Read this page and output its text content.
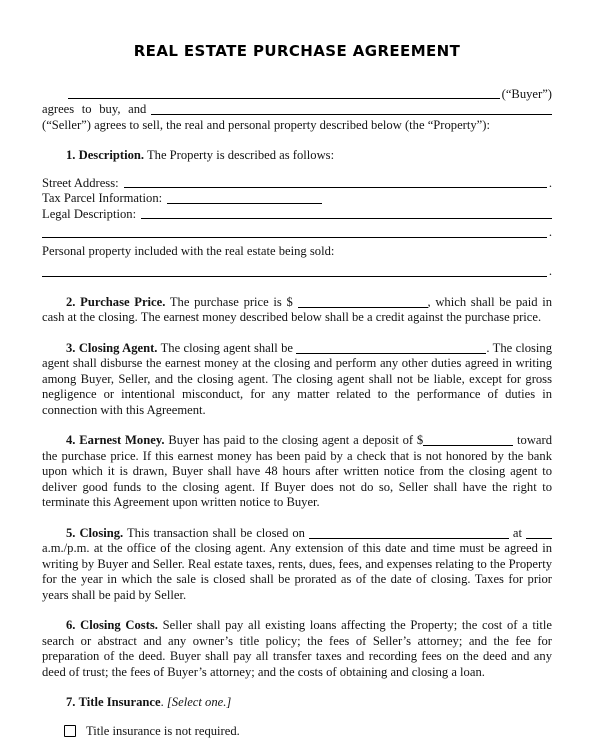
REAL ESTATE PURCHASE AGREEMENT
(“Buyer”)
agrees to buy, and

(“Seller”) agrees to sell, the real and personal property described below (the “Property”):

1. Description. The Property is described as follows:

Street Address:	.
Tax Parcel Information:
Legal Description:
.

Personal property included with the real estate being sold:

.

2. Purchase Price. The purchase price is $	, which shall be paid in cash at the closing. The earnest money described below shall be a credit against the purchase price.

3. Closing Agent. The closing agent shall be	. The closing agent shall disburse the earnest money at the closing and perform any other duties agreed in writing among Buyer, Seller, and the closing agent. The closing agent shall not be liable, except for gross negligence or intentional misconduct, for any matter related to the performance of duties in connection with this Agreement.

4. Earnest Money. Buyer has paid to the closing agent a deposit of $	toward the purchase price. If this earnest money has been paid by a check that is not honored by the bank upon which it is drawn, Buyer shall have 48 hours after written notice from the closing agent to deliver good funds to the closing agent. If Buyer does not do so, Seller shall have the right to terminate this Agreement upon written notice to Buyer.

5. Closing. This transaction shall be closed on	at  a.m./p.m. at the office of the closing agent. Any extension of this date and time must be agreed in writing by Buyer and Seller. Real estate taxes, rents, dues, fees, and expenses relating to the Property for the year in which the sale is closed shall be prorated as of the date of closing. Taxes for prior years shall be paid by Seller.

6. Closing Costs. Seller shall pay all existing loans affecting the Property; the cost of a title search or abstract and any owner’s title policy; the fees of Seller’s attorney; and the fee for preparation of the deed. Buyer shall pay all transfer taxes and recording fees on the deed and any deed of trust; the fees of Buyer’s attorney; and the costs of obtaining and closing a loan.

7. Title Insurance. [Select one.]

Title insurance is not required.
